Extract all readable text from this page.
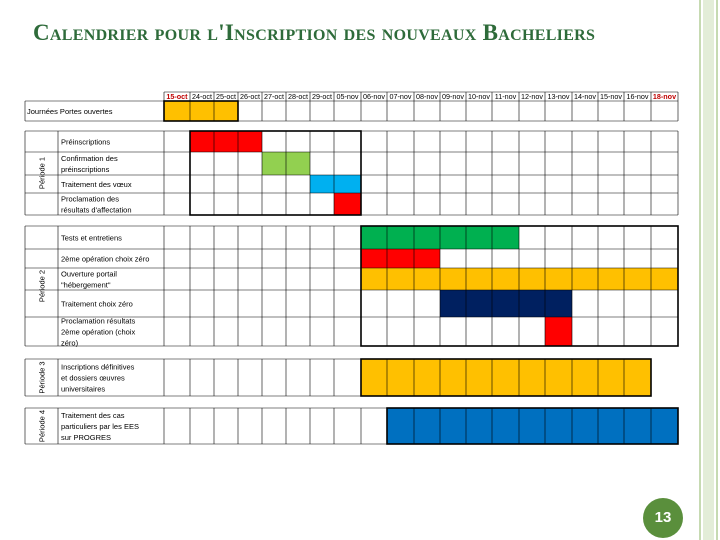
Calendrier pour l'Inscription des nouveaux Bacheliers
15-oct 24-oct 25-oct 26-oct 27-oct 28-oct 29-oct 05-nov 06-nov 07-nov 08-nov 09-nov 10-nov 11-nov 12-nov 13-nov 14-nov 15-nov 16-nov 18-nov
Journées Portes ouvertes
Période 1
Préinscriptions
Confirmation des
préinscriptions
Traitement des vœux
Proclamation des
résultats d'affectation
Période 2
Tests et entretiens
2ème opération choix zéro
Ouverture portail
"hébergement"
Traitement choix zéro
Proclamation résultats
2ème opération (choix
zéro)
Période 3 Inscriptions définitives
et dossiers œuvres
universitaires
Période 4 Traitement des cas
particuliers par les EES
sur PROGRES
13
